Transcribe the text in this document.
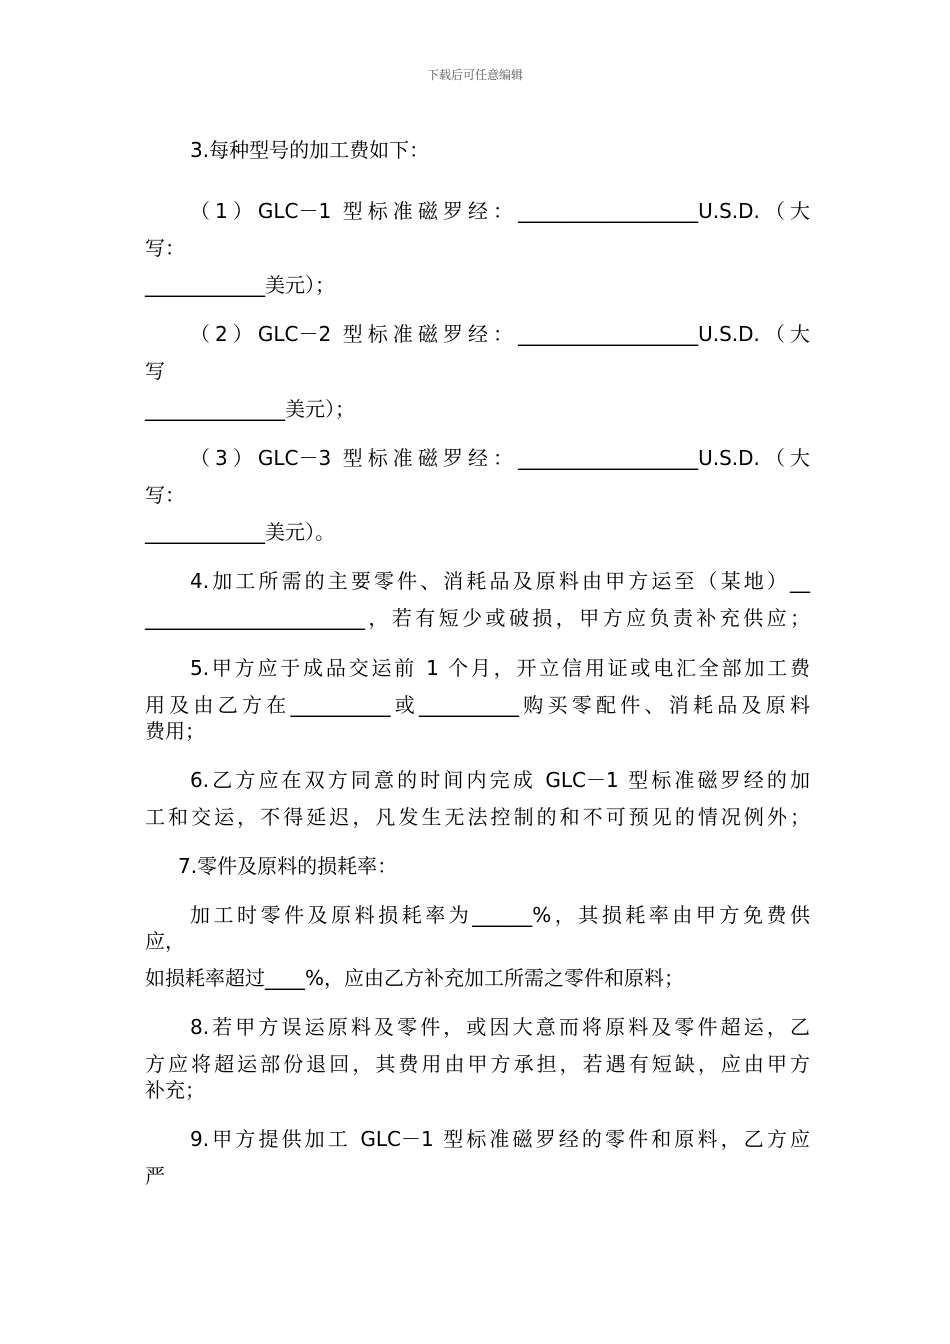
下载后可任意编辑
3.每种型号的加工费如下：
（1）GLC－1 型标准磁罗经：__________________U.S.D.（大
写：
____________美元）；
（2）GLC－2 型标准磁罗经：__________________U.S.D.（大
写
______________美元）；
（3）GLC－3 型标准磁罗经：__________________U.S.D.（大
写：
____________美元）。
4.加工所需的主要零件、消耗品及原料由甲方运至（某地）__
______________________，若有短少或破损，甲方应负责补充供应；
5.甲方应于成品交运前 1 个月，开立信用证或电汇全部加工费
用及由乙方在__________或__________购买零配件、消耗品及原料
费用；
6.乙方应在双方同意的时间内完成 GLC－1 型标准磁罗经的加
工和交运，不得延迟，凡发生无法控制的和不可预见的情况例外；
7.零件及原料的损耗率：
加工时零件及原料损耗率为______%，其损耗率由甲方免费供
应，
如损耗率超过____%，应由乙方补充加工所需之零件和原料；
8.若甲方误运原料及零件，或因大意而将原料及零件超运，乙
方应将超运部份退回，其费用由甲方承担，若遇有短缺，应由甲方
补充；
9.甲方提供加工 GLC－1 型标准磁罗经的零件和原料，乙方应
严
